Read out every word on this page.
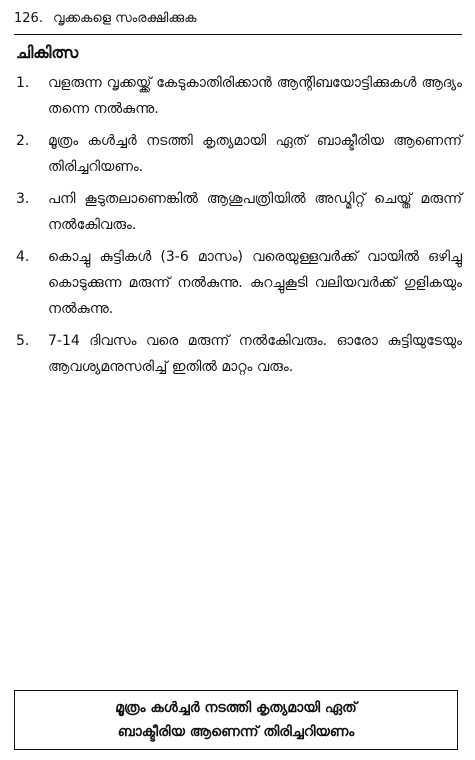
126. വൃക്കകളെ സംരക്ഷിക്കുക
ചികിത്സ
1.	വളരുന്ന വൃക്കയ്ക്ക് കേടുകാതിരിക്കാൻ ആന്റിബയോട്ടിക്കുകൾ ആദ്യം തന്നെ നൽകുന്നു.
2.	മൂത്രം കൾച്ചർ നടത്തി കൃത്യമായി ഏത് ബാക്ടീരിയ ആണെന്ന് തിരിച്ചറിയണം.
3.	പനി കൂടുതലാണെങ്കിൽ ആശുപത്രിയിൽ അഡ്മിറ്റ് ചെയ്ത് മരുന്ന് നൽകേിവരും.
4.	കൊച്ചു കുട്ടികൾ (3-6 മാസം) വരെയുള്ളവർക്ക് വായിൽ ഒഴിച്ചു കൊടുക്കുന്ന മരുന്ന് നൽകുന്നു. കുറച്ചുകൂടി വലിയവർക്ക് ഗുളികയും നൽകുന്നു.
5.	7-14 ദിവസം വരെ മരുന്ന് നൽകേിവരും. ഓരോ കുട്ടിയുടേയും ആവശ്യമനുസരിച്ച് ഇതിൽ മാറ്റം വരും.
മൂത്രം കൾച്ചർ നടത്തി കൃത്യമായി ഏത്
ബാക്ടീരിയ ആണെന്ന് തിരിച്ചറിയണം
